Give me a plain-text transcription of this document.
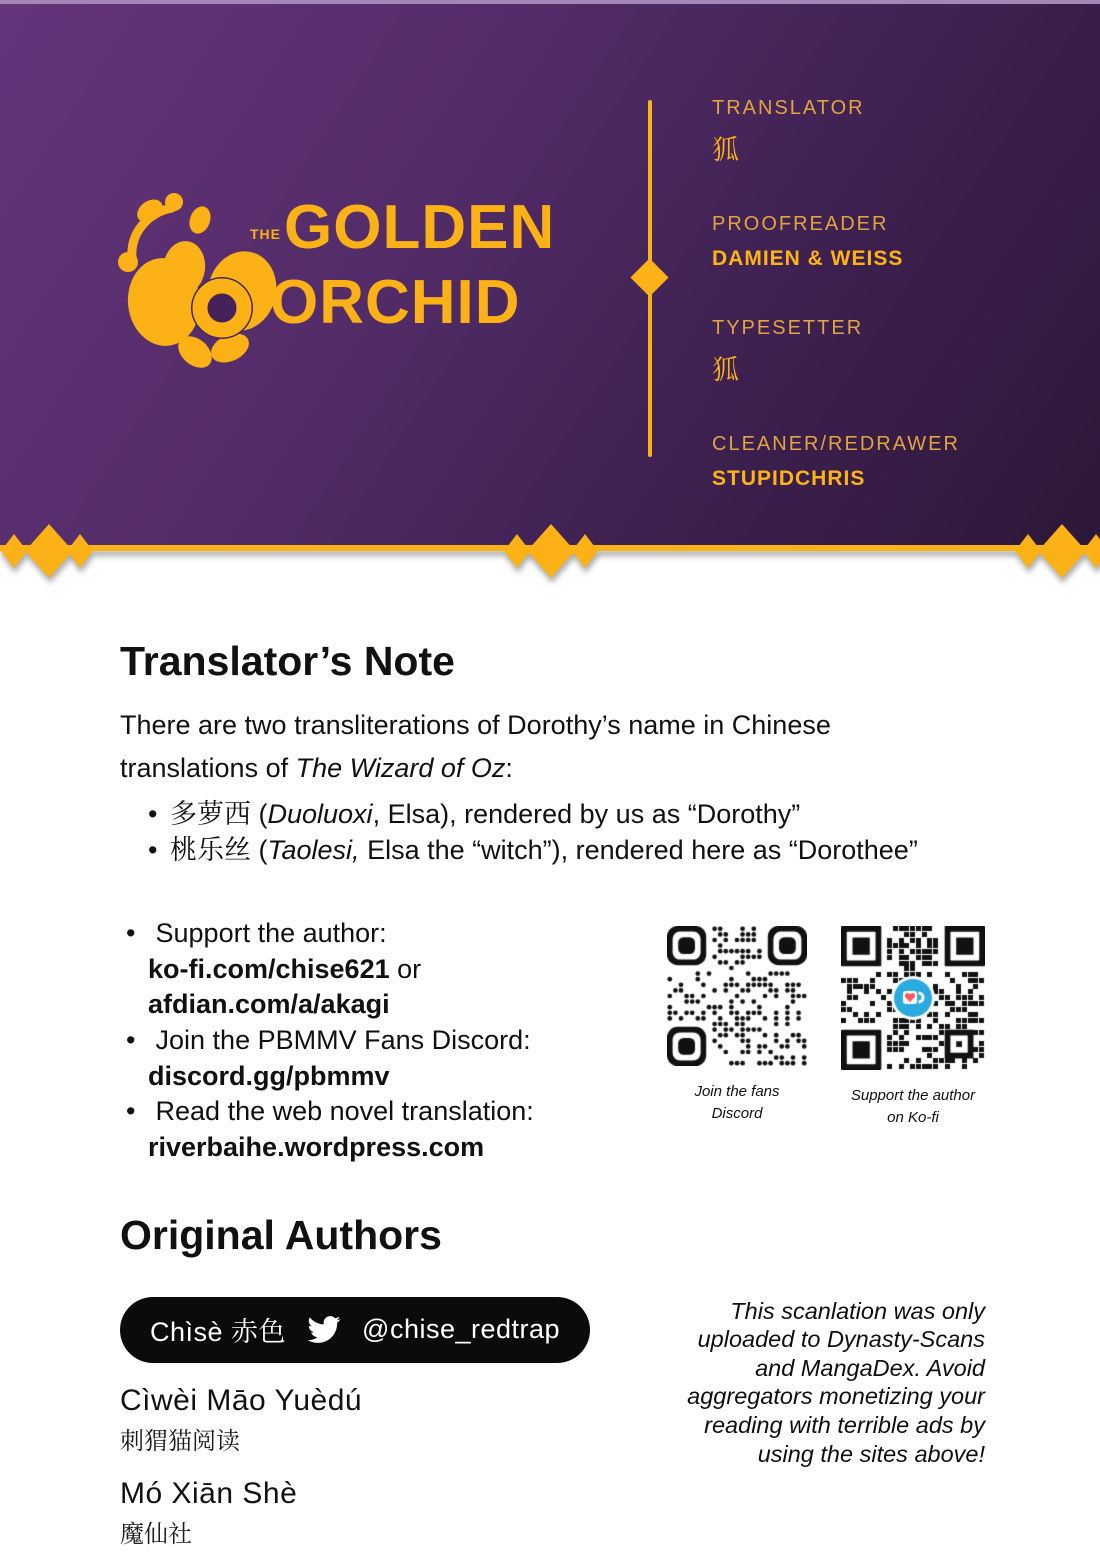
THE GOLDEN
ORCHID
TRANSLATOR
狐
PROOFREADER
DAMIEN & WEISS
TYPESETTER
狐
CLEANER/REDRAWER
STUPIDCHRIS
Translator’s Note

There are two transliterations of Dorothy’s name in Chinese translations of The Wizard of Oz:

• 多萝西 (Duoluoxi, Elsa), rendered by us as “Dorothy”
• 桃乐丝 (Taolesi, Elsa the “witch”), rendered here as “Dorothee”
• Support the author:
ko-fi.com/chise621 or
afdian.com/a/akagi
• Join the PBMMV Fans Discord:
discord.gg/pbmmv
• Read the web novel translation:
riverbaihe.wordpress.com
Join the fans
Discord
Support the author
on Ko-fi
Original Authors
Chìsè 赤色	@chise_redtrap
Cìwèi Māo Yuèdú
刺猬猫阅读
Mó Xiān Shè
魔仙社
This scanlation was only uploaded to Dynasty-Scans and MangaDex. Avoid aggregators monetizing your reading with terrible ads by using the sites above!
